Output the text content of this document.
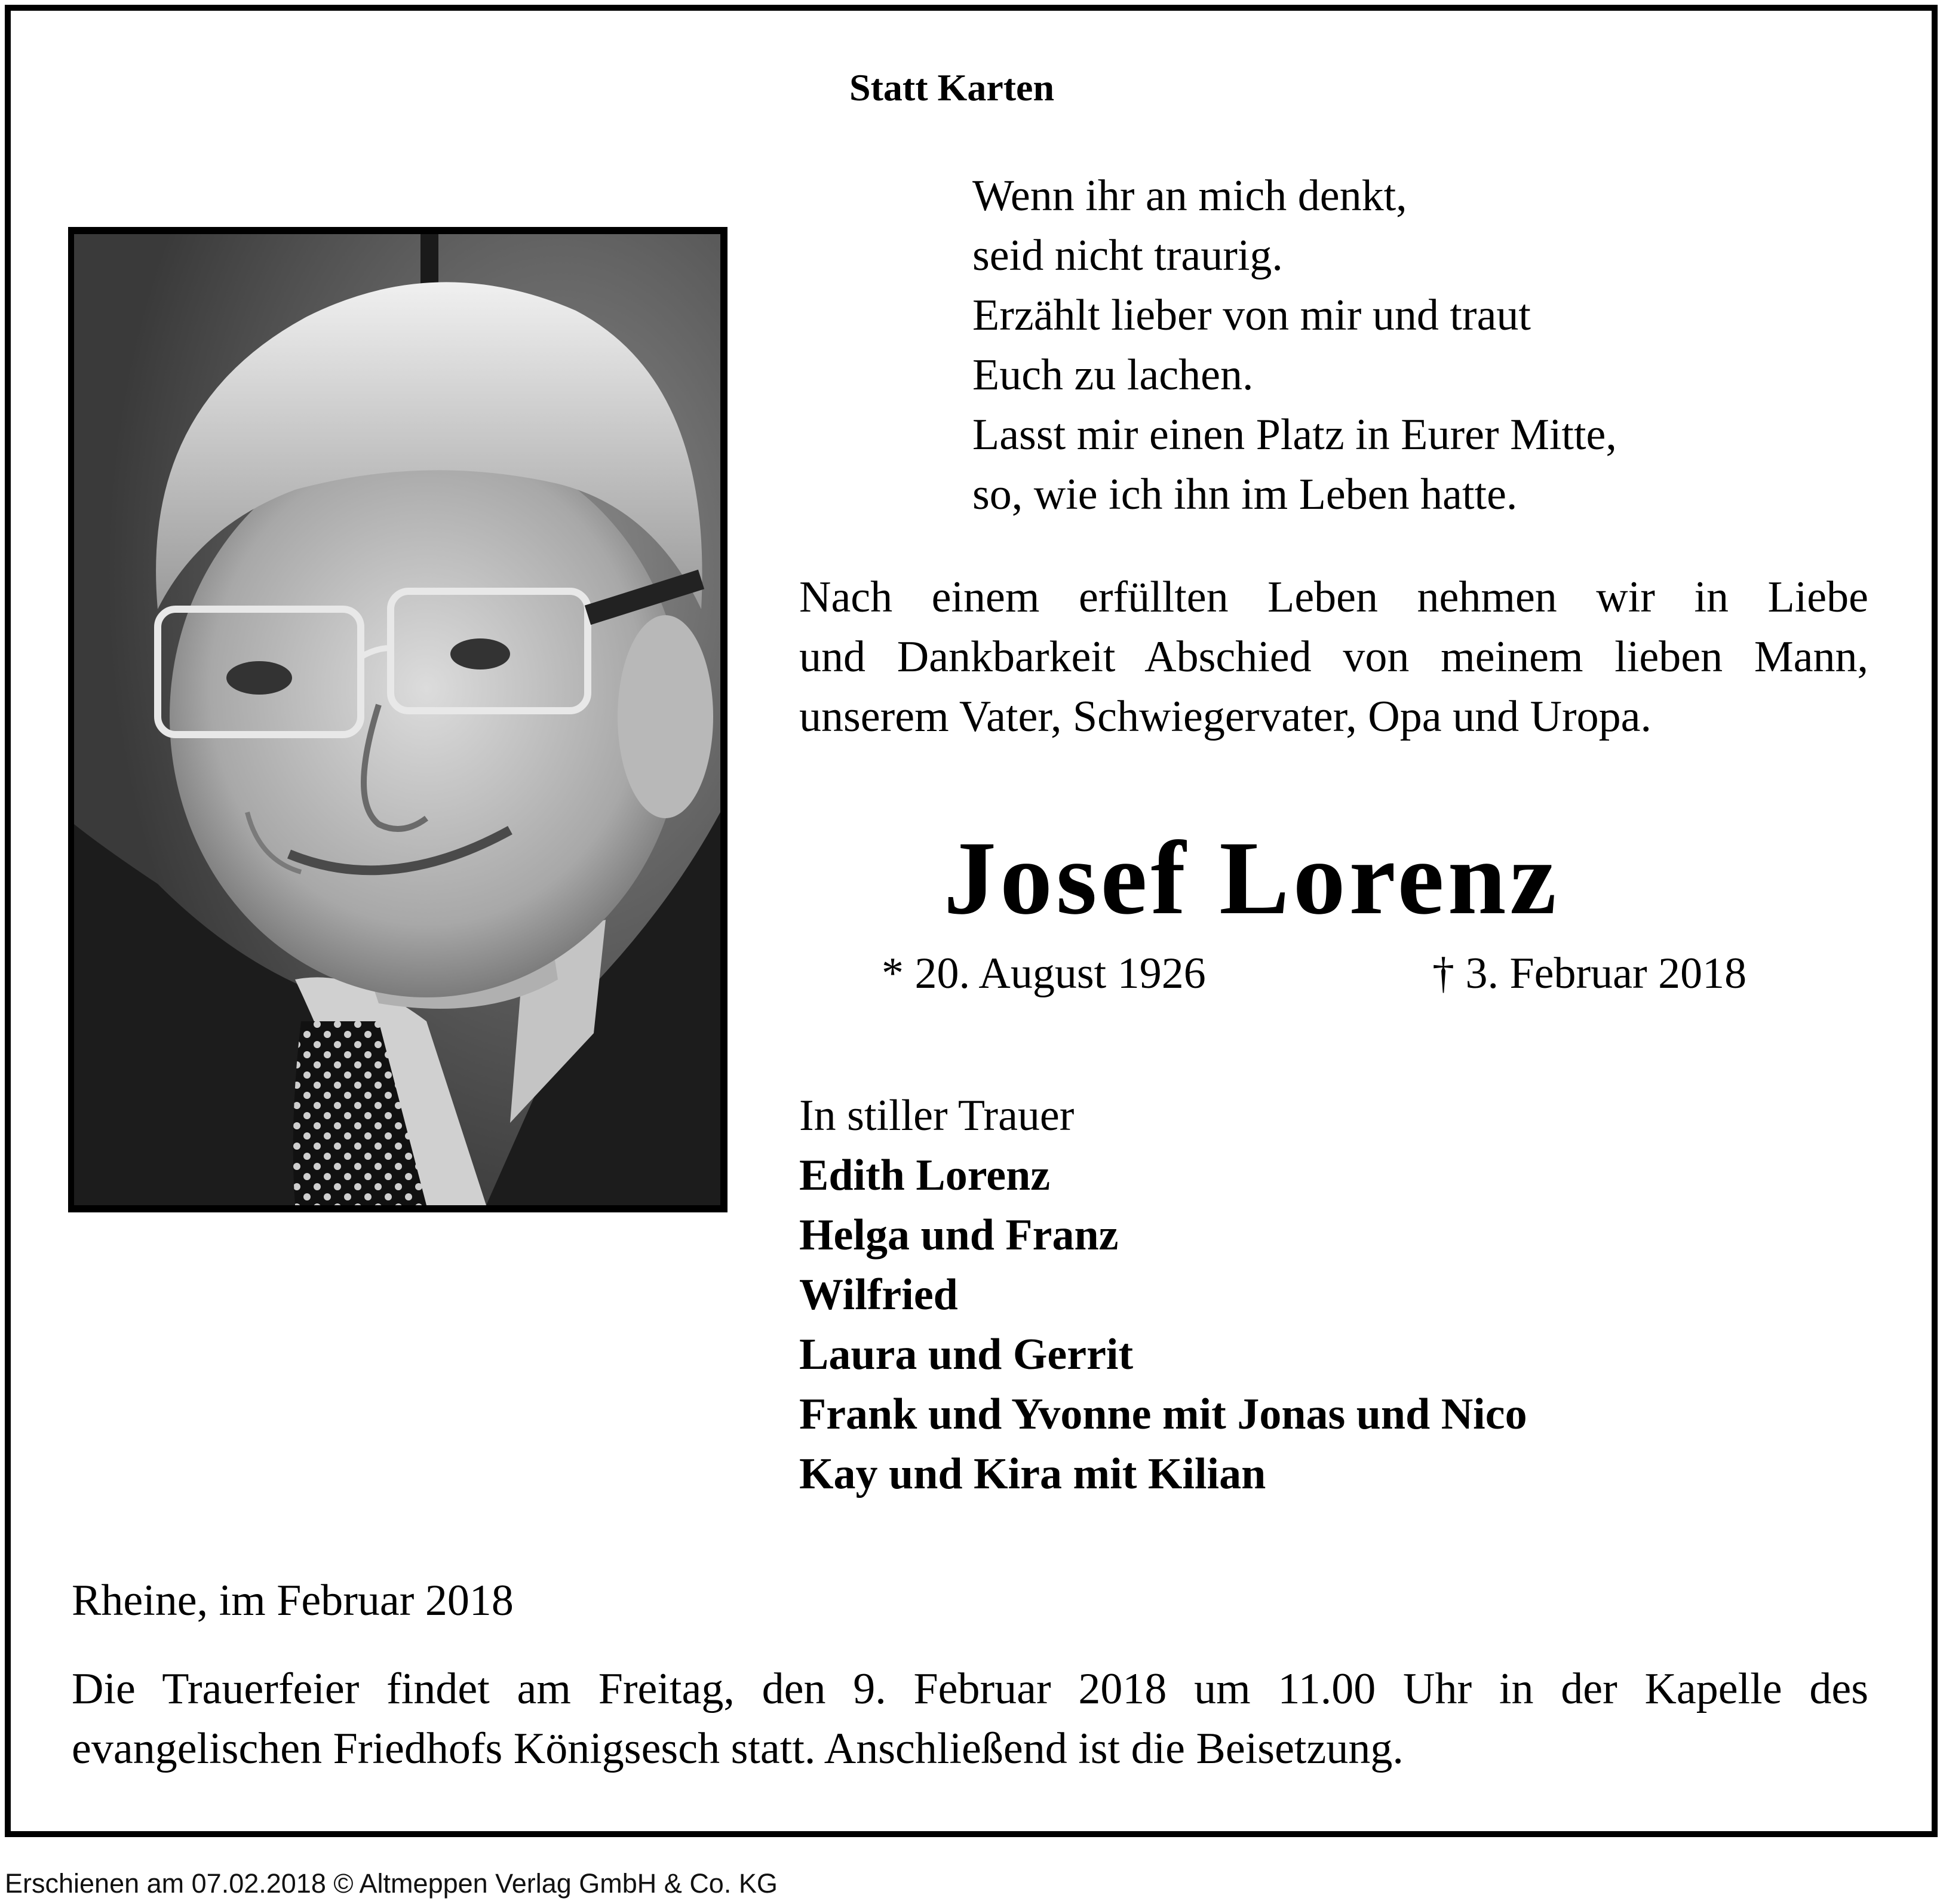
Statt Karten
Wenn ihr an mich denkt,
seid nicht traurig.
Erzählt lieber von mir und traut
Euch zu lachen.
Lasst mir einen Platz in Eurer Mitte,
so, wie ich ihn im Leben hatte.
Nach einem erfüllten Leben nehmen wir in Liebe
und Dankbarkeit Abschied von meinem lieben Mann,
unserem Vater, Schwiegervater, Opa und Uropa.
Josef Lorenz
* 20. August 1926	† 3. Februar 2018
In stiller Trauer
Edith Lorenz
Helga und Franz
Wilfried
Laura und Gerrit
Frank und Yvonne mit Jonas und Nico
Kay und Kira mit Kilian
Rheine, im Februar 2018
Die Trauerfeier findet am Freitag, den 9. Februar 2018 um 11.00 Uhr in der Kapelle des
evangelischen Friedhofs Königsesch statt. Anschließend ist die Beisetzung.
Erschienen am 07.02.2018 © Altmeppen Verlag GmbH & Co. KG
